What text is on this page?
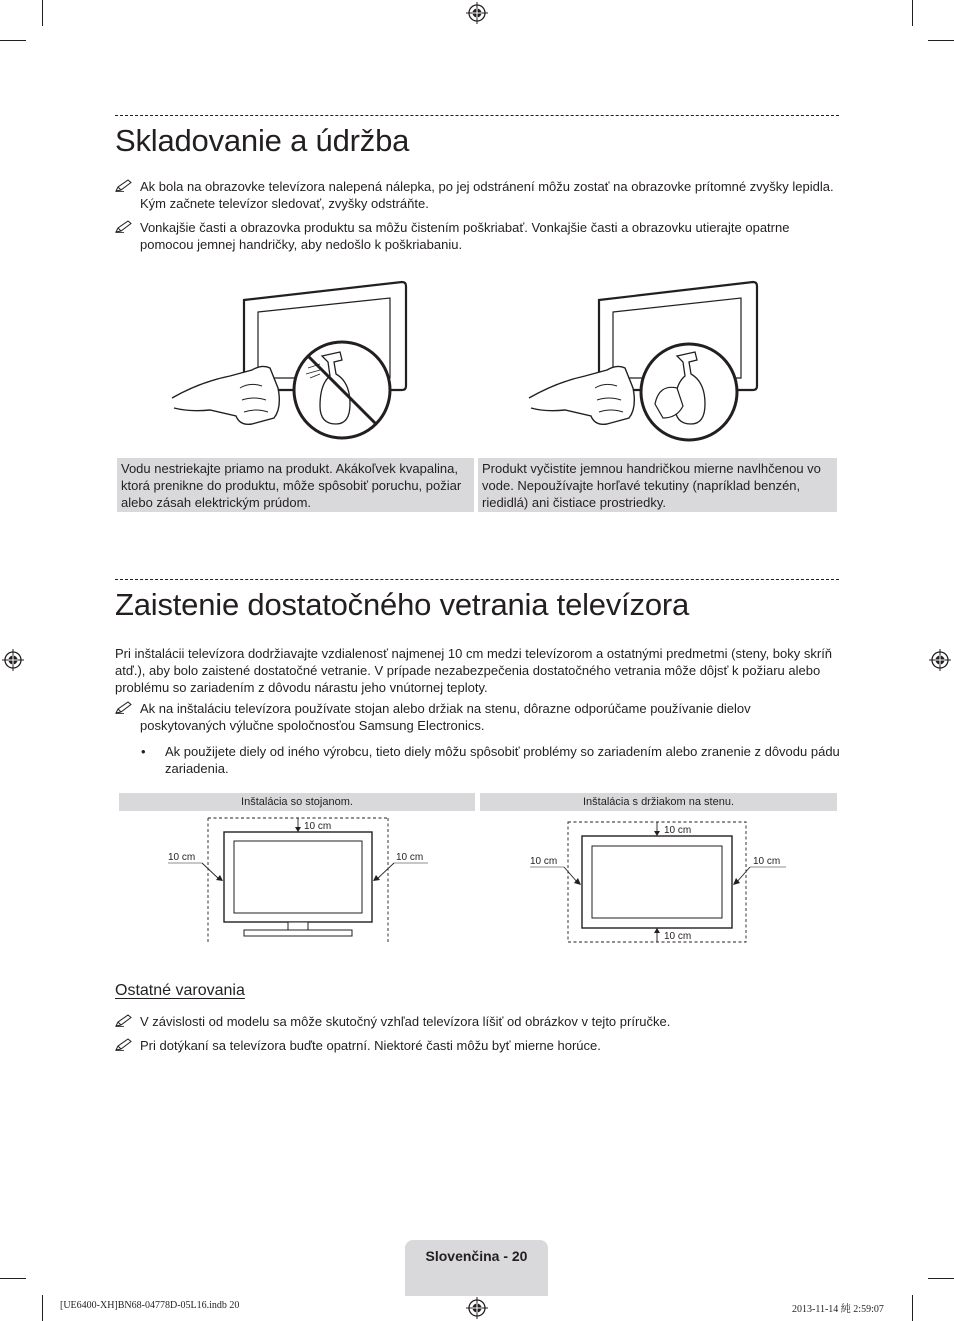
Skladovanie a údržba
Ak bola na obrazovke televízora nalepená nálepka, po jej odstránení môžu zostať na obrazovke prítomné zvyšky lepidla. Kým začnete televízor sledovať, zvyšky odstráňte.
Vonkajšie časti a obrazovka produktu sa môžu čistením poškriabať. Vonkajšie časti a obrazovku utierajte opatrne pomocou jemnej handričky, aby nedošlo k poškriabaniu.
Vodu nestriekajte priamo na produkt. Akákoľvek kvapalina, ktorá prenikne do produktu, môže spôsobiť poruchu, požiar alebo zásah elektrickým prúdom.
Produkt vyčistite jemnou handričkou mierne navlhčenou vo vode. Nepoužívajte horľavé tekutiny (napríklad benzén, riedidlá) ani čistiace prostriedky.
Zaistenie dostatočného vetrania televízora
Pri inštalácii televízora dodržiavajte vzdialenosť najmenej 10 cm medzi televízorom a ostatnými predmetmi (steny, boky skríň atď.), aby bolo zaistené dostatočné vetranie. V prípade nezabezpečenia dostatočného vetrania môže dôjsť k požiaru alebo problému so zariadením z dôvodu nárastu jeho vnútornej teploty.
Ak na inštaláciu televízora používate stojan alebo držiak na stenu, dôrazne odporúčame používanie dielov poskytovaných výlučne spoločnosťou Samsung Electronics.
• Ak použijete diely od iného výrobcu, tieto diely môžu spôsobiť problémy so zariadením alebo zranenie z dôvodu pádu zariadenia.
Inštalácia so stojanom.	Inštalácia s držiakom na stenu.
10 cm
10 cm	10 cm
10 cm
10 cm
10 cm	10 cm
Ostatné varovania
V závislosti od modelu sa môže skutočný vzhľad televízora líšiť od obrázkov v tejto príručke.
Pri dotýkaní sa televízora buďte opatrní. Niektoré časti môžu byť mierne horúce.
Slovenčina - 20
[UE6400-XH]BN68-04778D-05L16.indb 20	2013-11-14 純 2:59:07
